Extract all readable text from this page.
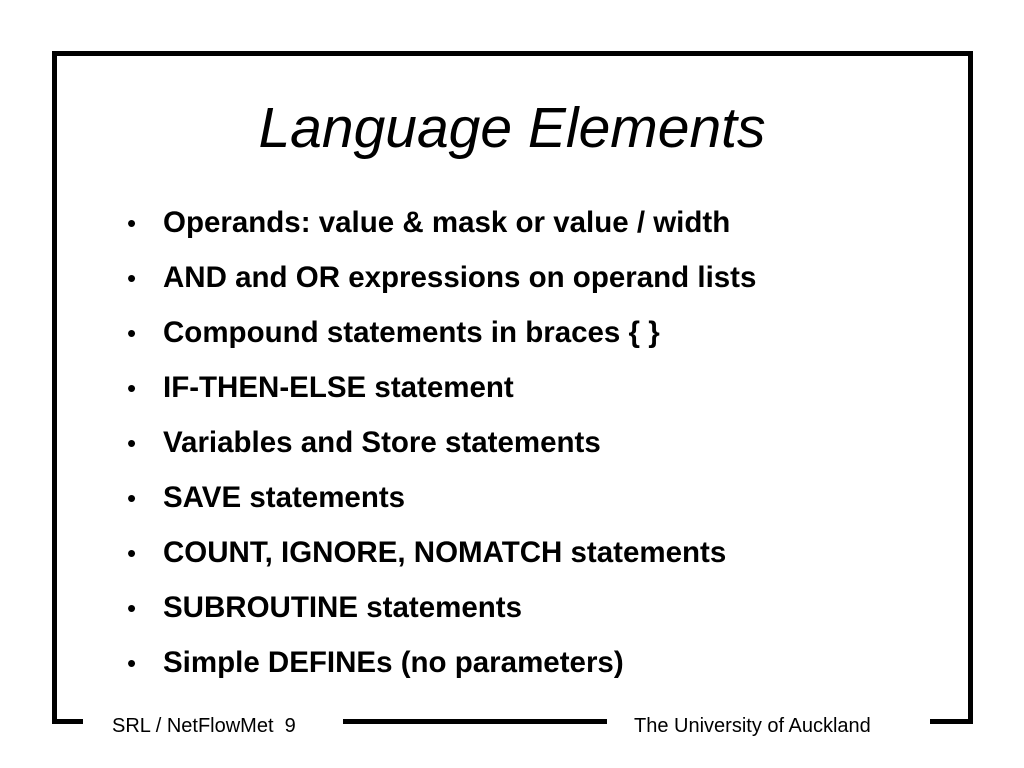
Language Elements
• Operands: value & mask or value / width
• AND and OR expressions on operand lists
• Compound statements in braces { }
• IF-THEN-ELSE statement
• Variables and Store statements
• SAVE statements
• COUNT, IGNORE, NOMATCH statements
• SUBROUTINE statements
• Simple DEFINEs (no parameters)
SRL / NetFlowMet  9	The University of Auckland
